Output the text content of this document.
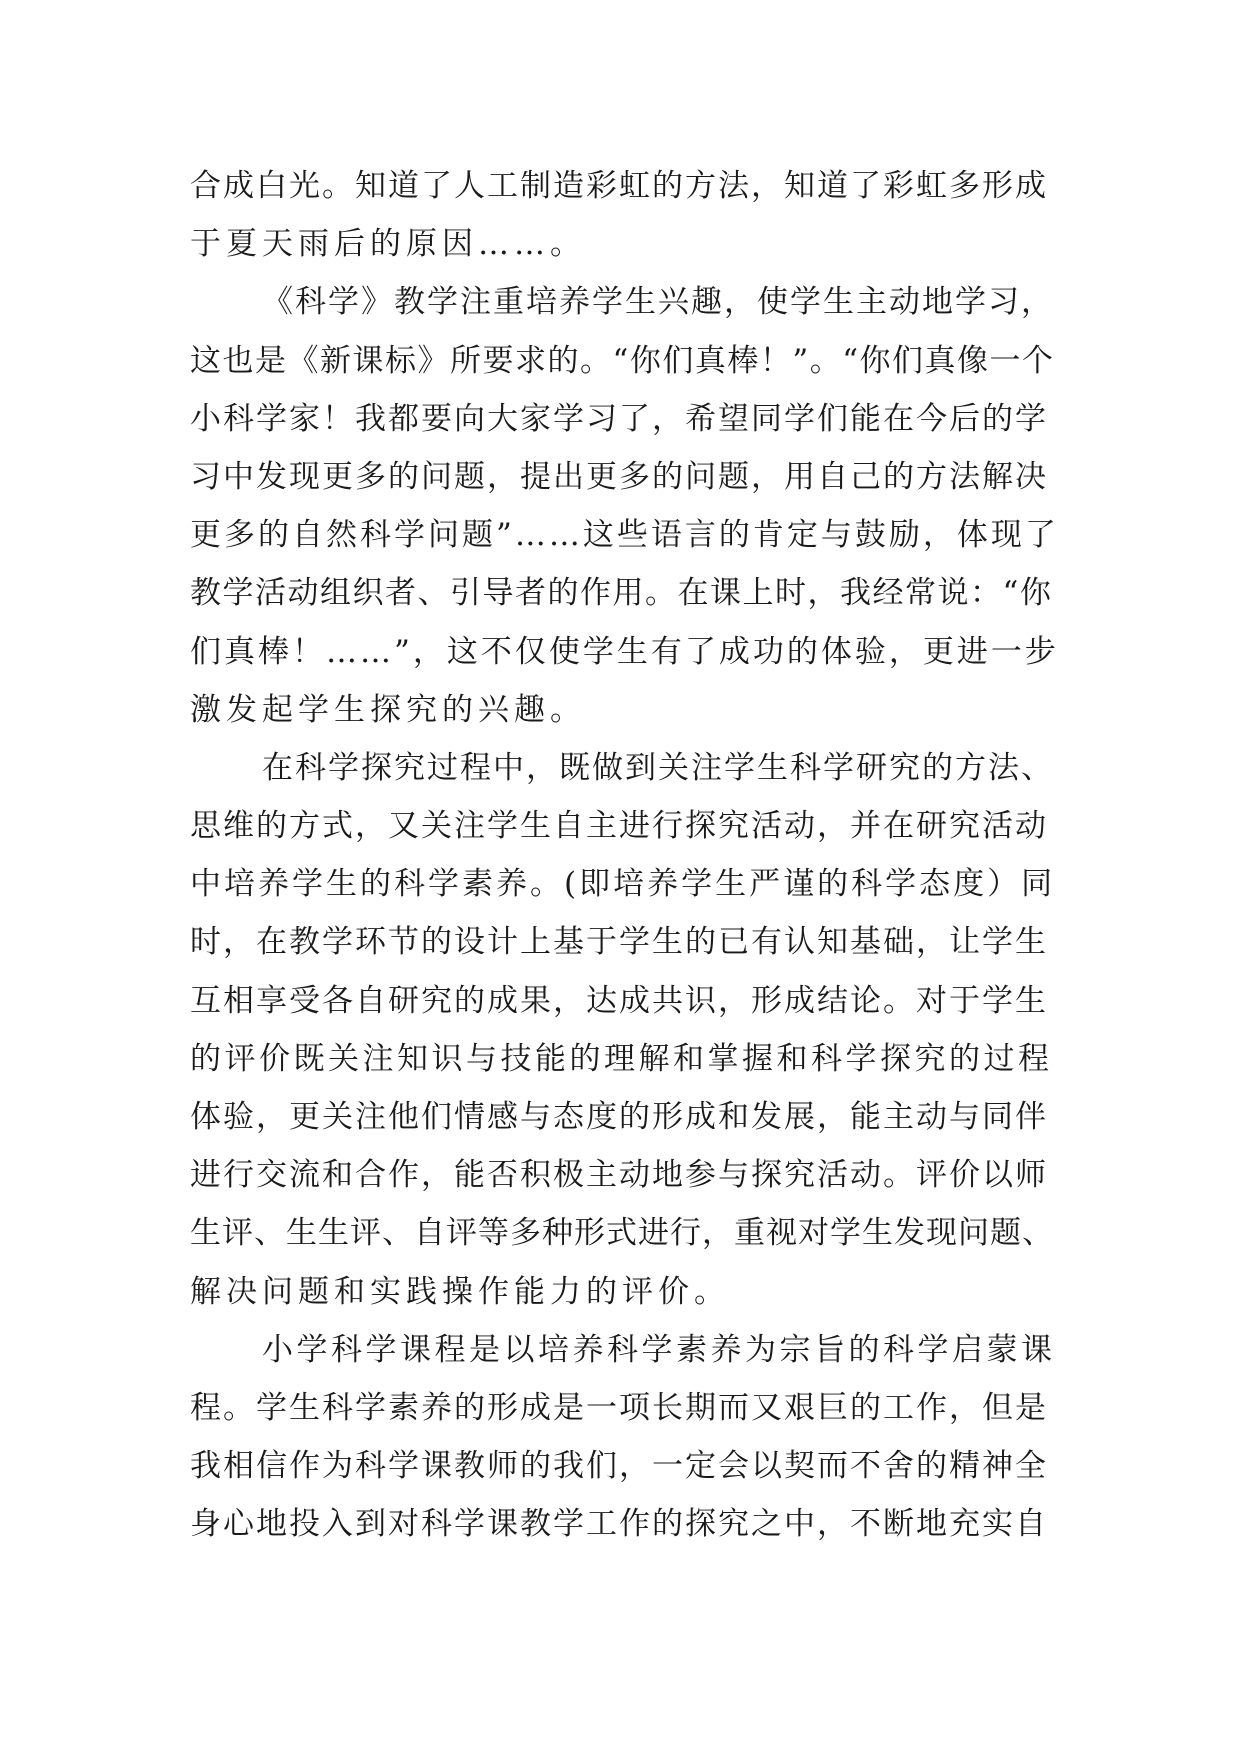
合成白光。知道了人工制造彩虹的方法，知道了彩虹多形成
于夏天雨后的原因……。
《科学》教学注重培养学生兴趣，使学生主动地学习，
这也是《新课标》所要求的。“你们真棒！”。“你们真像一个
小科学家！我都要向大家学习了，希望同学们能在今后的学
习中发现更多的问题，提出更多的问题，用自己的方法解决
更多的自然科学问题”……这些语言的肯定与鼓励，体现了
教学活动组织者、引导者的作用。在课上时，我经常说：“你
们真棒！……”，这不仅使学生有了成功的体验，更进一步
激发起学生探究的兴趣。
在科学探究过程中，既做到关注学生科学研究的方法、
思维的方式，又关注学生自主进行探究活动，并在研究活动
中培养学生的科学素养。(即培养学生严谨的科学态度）同
时，在教学环节的设计上基于学生的已有认知基础，让学生
互相享受各自研究的成果，达成共识，形成结论。对于学生
的评价既关注知识与技能的理解和掌握和科学探究的过程
体验，更关注他们情感与态度的形成和发展，能主动与同伴
进行交流和合作，能否积极主动地参与探究活动。评价以师
生评、生生评、自评等多种形式进行，重视对学生发现问题、
解决问题和实践操作能力的评价。
小学科学课程是以培养科学素养为宗旨的科学启蒙课
程。学生科学素养的形成是一项长期而又艰巨的工作，但是
我相信作为科学课教师的我们，一定会以契而不舍的精神全
身心地投入到对科学课教学工作的探究之中，不断地充实自
